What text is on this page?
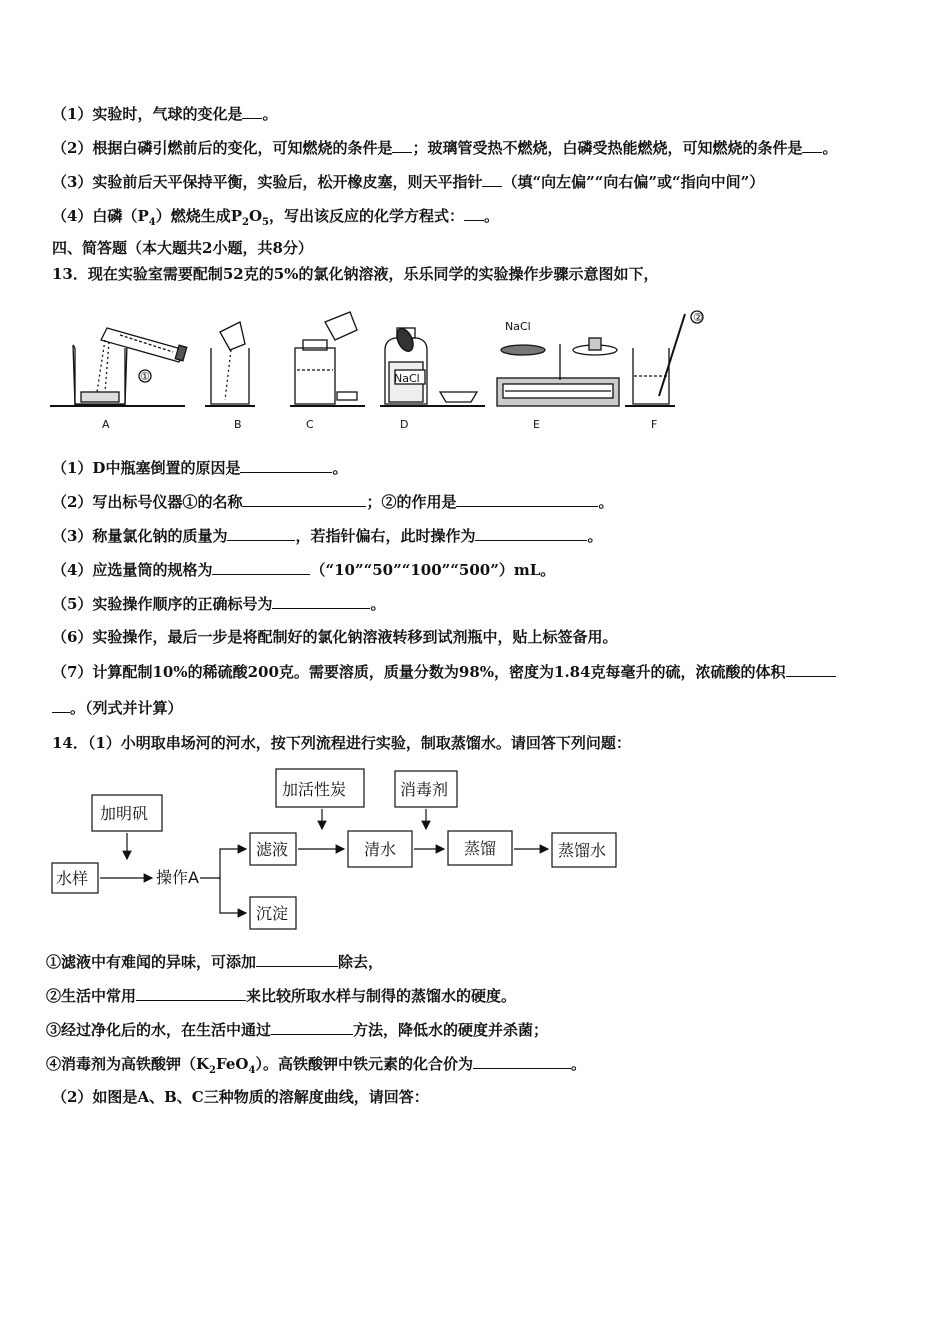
（1）实验时，气球的变化是 。
（2）根据白磷引燃前后的变化，可知燃烧的条件是 ；玻璃管受热不燃烧，白磷受热能燃烧，可知燃烧的条件是 。
（3）实验前后天平保持平衡，实验后，松开橡皮塞，则天平指针 （填“向左偏”“向右偏”或“指向中间”）
（4）白磷$(P_4)$燃烧生成$P_2O_5$，写出该反应的化学方程式： 。
四、简答题（本大题共2小题，共8分）
13．现在实验室需要配制52克的5%的氯化钠溶液，乐乐同学的实验操作步骤示意图如下，
①
②
NaCl
NaCl
A	B	C	D	E	F
（1）D中瓶塞倒置的原因是	。
（2）写出标号仪器①的名称	；②的作用是	。
（3）称量氯化钠的质量为	，若指针偏右，此时操作为	。
（4）应选量筒的规格为	（“10”“50”“100”“500”）mL。
（5）实验操作顺序的正确标号为	。
（6）实验操作，最后一步是将配制好的氯化钠溶液转移到试剂瓶中，贴上标签备用。
（7）计算配制10%的稀硫酸200克。需要溶质，质量分数为98%，密度为1.84克每毫升的硫，浓硫酸的体积
。（列式并计算）
14．（1）小明取串场河的河水，按下列流程进行实验，制取蒸馏水。请回答下列问题：
加明矾
水样	操作A
滤液
沉淀
加活性炭
清水
消毒剂
蒸馏	蒸馏水
①滤液中有难闻的异味，可添加	除去，
②生活中常用	来比较所取水样与制得的蒸馏水的硬度。
③经过净化后的水，在生活中通过	方法，降低水的硬度并杀菌；
④消毒剂为高铁酸钾$(K_2FeO_4)$。高铁酸钾中铁元素的化合价为	。
（2）如图是A、B、C三种物质的溶解度曲线，请回答：
